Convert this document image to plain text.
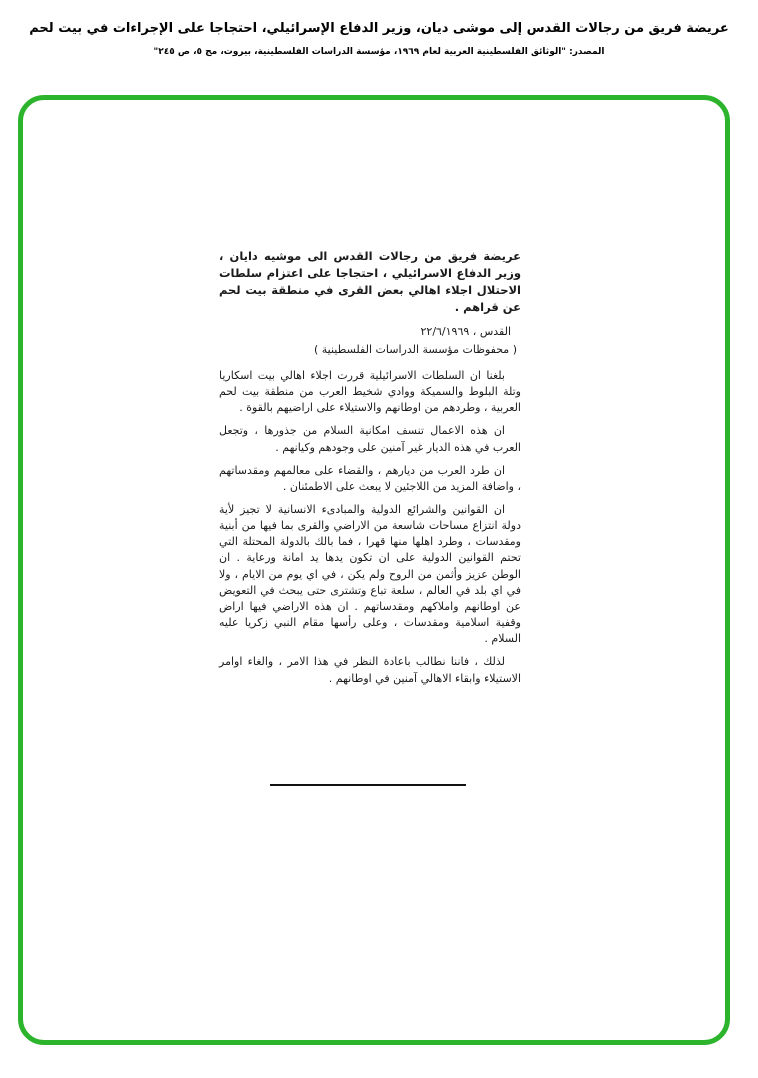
عريضة فريق من رجالات القدس إلى موشى ديان، وزير الدفاع الإسرائيلي، احتجاجا على الإجراءات في بيت لحم
المصدر: "الوثائق الفلسطينية العربية لعام ١٩٦٩، مؤسسة الدراسات الفلسطينية، بيروت، مج ٥، ص ٢٤٥"

عريضة فريق من رجالات القدس الى موشيه دايان ، وزير الدفاع الاسرائيلي ، احتجاجا على اعتزام سلطات الاحتلال اجلاء اهالي بعض القرى في منطقة بيت لحم عن قراهم .

القدس ، ٢٢/٦/١٩٦٩

( محفوظات مؤسسة الدراسات الفلسطينية )

بلغنا ان السلطات الاسرائيلية قررت اجلاء اهالي بيت اسكاريا وتلة البلوط والسميكة ووادي شخيط العرب من منطقة بيت لحم العربية ، وطردهم من اوطانهم والاستيلاء على اراضيهم بالقوة .

ان هذه الاعمال تنسف امكانية السلام من جذورها ، وتجعل العرب في هذه الديار غير آمنين على وجودهم وكيانهم .

ان طرد العرب من ديارهم ، والقضاء على معالمهم ومقدساتهم ، واضافة المزيد من اللاجئين لا يبعث على الاطمئنان .

ان القوانين والشرائع الدولية والمبادىء الانسانية لا تجيز لأية دولة انتزاع مساحات شاسعة من الاراضي والقرى بما فيها من أبنية ومقدسات ، وطرد اهلها منها قهرا ، فما بالك بالدولة المحتلة التي تحتم القوانين الدولية على ان تكون يدها يد امانة ورعاية . ان الوطن عزيز وأثمن من الروح ولم يكن ، في اي يوم من الايام ، ولا في اي بلد في العالم ، سلعة تباع وتشترى حتى يبحث في التعويض عن اوطانهم واملاكهم ومقدساتهم . ان هذه الاراضي فيها اراض وقفية اسلامية ومقدسات ، وعلى رأسها مقام النبي زكريا عليه السلام .

لذلك ، فاننا نطالب باعادة النظر في هذا الامر ، والغاء اوامر الاستيلاء وابقاء الاهالي آمنين في اوطانهم .
